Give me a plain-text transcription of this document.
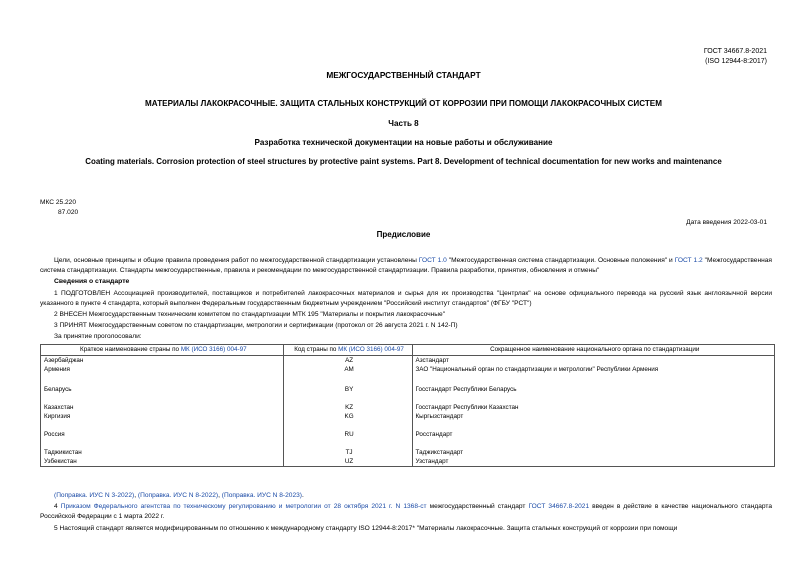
ГОСТ 34667.8-2021
(ISO 12944-8:2017)
МЕЖГОСУДАРСТВЕННЫЙ СТАНДАРТ
МАТЕРИАЛЫ ЛАКОКРАСОЧНЫЕ. ЗАЩИТА СТАЛЬНЫХ КОНСТРУКЦИЙ ОТ КОРРОЗИИ ПРИ ПОМОЩИ ЛАКОКРАСОЧНЫХ СИСТЕМ
Часть 8
Разработка технической документации на новые работы и обслуживание
Coating materials. Corrosion protection of steel structures by protective paint systems. Part 8. Development of technical documentation for new works and maintenance
МКС 25.220
87.020
Дата введения 2022-03-01
Предисловие
Цели, основные принципы и общие правила проведения работ по межгосударственной стандартизации установлены ГОСТ 1.0 "Межгосударственная система стандартизации. Основные положения" и ГОСТ 1.2 "Межгосударственная система стандартизации. Стандарты межгосударственные, правила и рекомендации по межгосударственной стандартизации. Правила разработки, принятия, обновления и отмены"
Сведения о стандарте
1 ПОДГОТОВЛЕН Ассоциацией производителей, поставщиков и потребителей лакокрасочных материалов и сырья для их производства "Центрлак" на основе официального перевода на русский язык англоязычной версии указанного в пункте 4 стандарта, который выполнен Федеральным государственным бюджетным учреждением "Российский институт стандартов" (ФГБУ "РСТ")
2 ВНЕСЕН Межгосударственным техническим комитетом по стандартизации МТК 195 "Материалы и покрытия лакокрасочные"
3 ПРИНЯТ Межгосударственным советом по стандартизации, метрологии и сертификации (протокол от 26 августа 2021 г. N 142-П)
За принятие проголосовали:
Краткое наименование страны по МК (ИСО 3166) 004-97	Код страны по МК (ИСО 3166) 004-97	Сокращенное наименование национального органа по стандартизации
Азербайджан	AZ	Азстандарт
Армения	AM	ЗАО "Национальный орган по стандартизации и метрологии" Республики Армения
Беларусь	BY	Госстандарт Республики Беларусь
Казахстан	KZ	Госстандарт Республики Казахстан
Киргизия	KG	Кыргызстандарт
Россия	RU	Росстандарт
Таджикистан	TJ	Таджикстандарт
Узбекистан	UZ	Узстандарт
(Поправка. ИУС N 3-2022), (Поправка. ИУС N 8-2022), (Поправка. ИУС N 8-2023).
4 Приказом Федерального агентства по техническому регулированию и метрологии от 28 октября 2021 г. N 1368-ст межгосударственный стандарт ГОСТ 34667.8-2021 введен в действие в качестве национального стандарта Российской Федерации с 1 марта 2022 г.
5 Настоящий стандарт является модифицированным по отношению к международному стандарту ISO 12944-8:2017* "Материалы лакокрасочные. Защита стальных конструкций от коррозии при помощи
